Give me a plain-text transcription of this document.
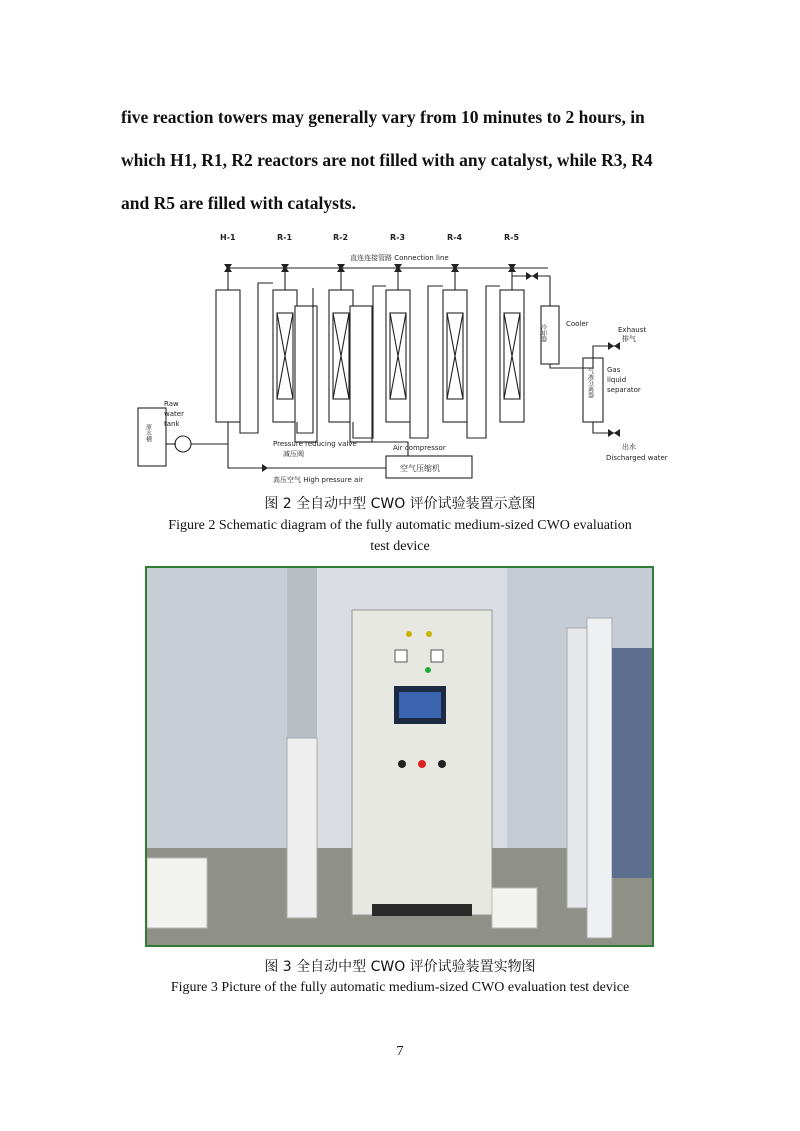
five reaction towers may generally vary from 10 minutes to 2 hours, in
which H1, R1, R2 reactors are not filled with any catalyst, while R3, R4
and R5 are filled with catalysts.
H-1	R-1	R-2	R-3	R-4	R-5
直连连接管路 Connection line
冷却器	Cooler
Exhaust
排气
气液分离器 Gas
liquid
separator
出水
Discharged water
Raw
water
tank
原水槽
Pressure reducing valve
减压阀
Air compressor
空气压缩机
高压空气 High pressure air
图 2 全自动中型 CWO 评价试验装置示意图
Figure 2 Schematic diagram of the fully automatic medium-sized CWO evaluation
test device
图 3 全自动中型 CWO 评价试验装置实物图
Figure 3 Picture of the fully automatic medium-sized CWO evaluation test device
7
